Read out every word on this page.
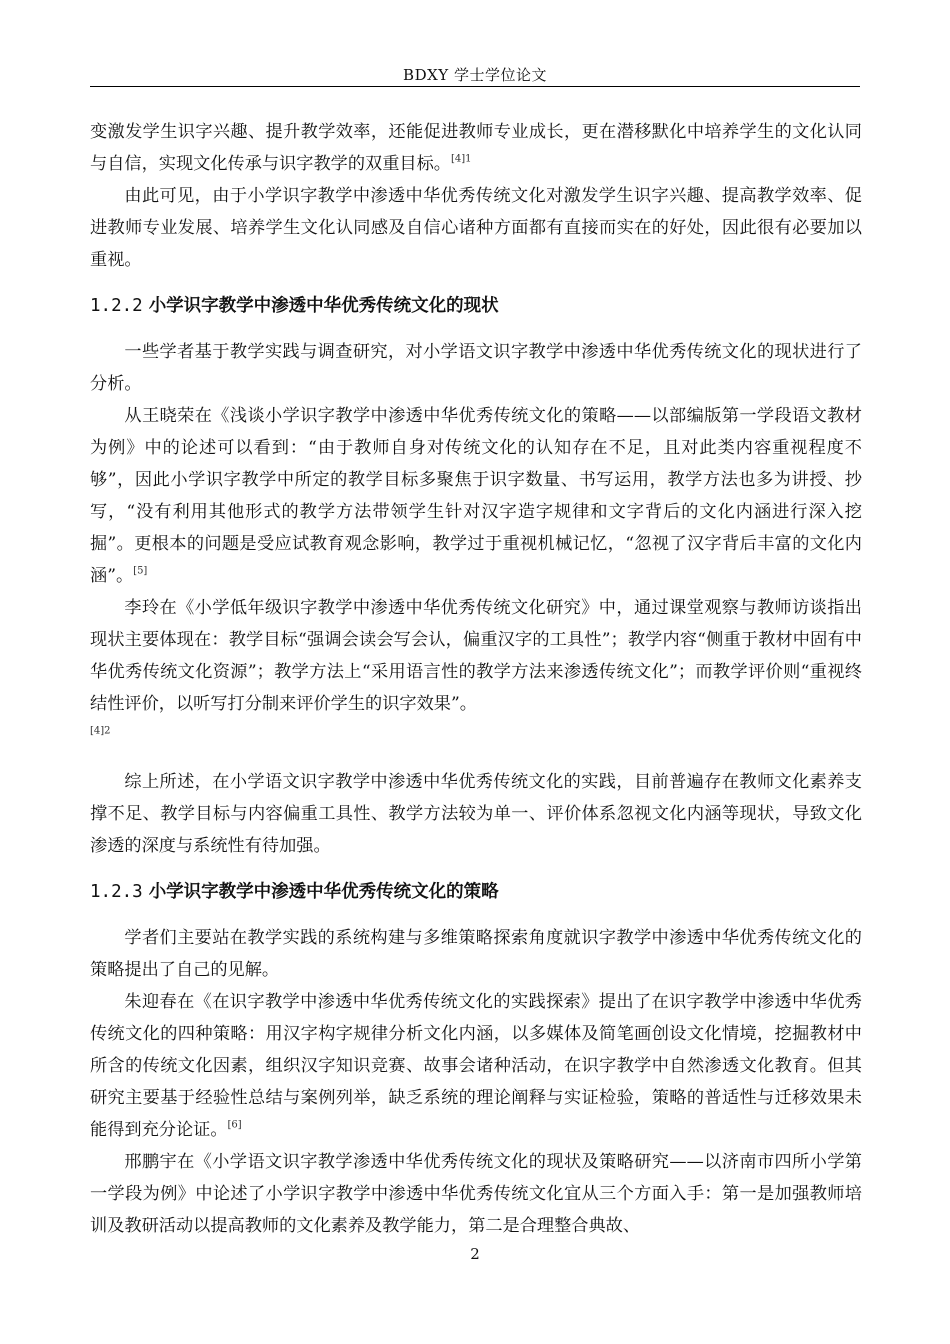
BDXY 学士学位论文

变激发学生识字兴趣、提升教学效率，还能促进教师专业成长，更在潜移默化中培养学生的文化认同与自信，实现文化传承与识字教学的双重目标。$^{[4]1}$

由此可见，由于小学识字教学中渗透中华优秀传统文化对激发学生识字兴趣、提高教学效率、促进教师专业发展、培养学生文化认同感及自信心诸种方面都有直接而实在的好处，因此很有必要加以重视。

1.2.2 小学识字教学中渗透中华优秀传统文化的现状

一些学者基于教学实践与调查研究，对小学语文识字教学中渗透中华优秀传统文化的现状进行了分析。

从王晓荣在《浅谈小学识字教学中渗透中华优秀传统文化的策略——以部编版第一学段语文教材为例》中的论述可以看到：“由于教师自身对传统文化的认知存在不足，且对此类内容重视程度不够”，因此小学识字教学中所定的教学目标多聚焦于识字数量、书写运用，教学方法也多为讲授、抄写，“没有利用其他形式的教学方法带领学生针对汉字造字规律和文字背后的文化内涵进行深入挖掘”。更根本的问题是受应试教育观念影响，教学过于重视机械记忆，“忽视了汉字背后丰富的文化内涵”。[5]

李玲在《小学低年级识字教学中渗透中华优秀传统文化研究》中，通过课堂观察与教师访谈指出现状主要体现在：教学目标“强调会读会写会认，偏重汉字的工具性”；教学内容“侧重于教材中固有中华优秀传统文化资源”；教学方法上“采用语言性的教学方法来渗透传统文化”；而教学评价则“重视终结性评价，以听写打分制来评价学生的识字效果”。
$^{[4]2}$

综上所述，在小学语文识字教学中渗透中华优秀传统文化的实践，目前普遍存在教师文化素养支撑不足、教学目标与内容偏重工具性、教学方法较为单一、评价体系忽视文化内涵等现状，导致文化渗透的深度与系统性有待加强。

1.2.3 小学识字教学中渗透中华优秀传统文化的策略

学者们主要站在教学实践的系统构建与多维策略探索角度就识字教学中渗透中华优秀传统文化的策略提出了自己的见解。

朱迎春在《在识字教学中渗透中华优秀传统文化的实践探索》提出了在识字教学中渗透中华优秀传统文化的四种策略：用汉字构字规律分析文化内涵，以多媒体及简笔画创设文化情境，挖掘教材中所含的传统文化因素，组织汉字知识竞赛、故事会诸种活动，在识字教学中自然渗透文化教育。但其研究主要基于经验性总结与案例列举，缺乏系统的理论阐释与实证检验，策略的普适性与迁移效果未能得到充分论证。[6]

邢鹏宇在《小学语文识字教学渗透中华优秀传统文化的现状及策略研究——以济南市四所小学第一学段为例》中论述了小学识字教学中渗透中华优秀传统文化宜从三个方面入手：第一是加强教师培训及教研活动以提高教师的文化素养及教学能力，第二是合理整合典故、

2
